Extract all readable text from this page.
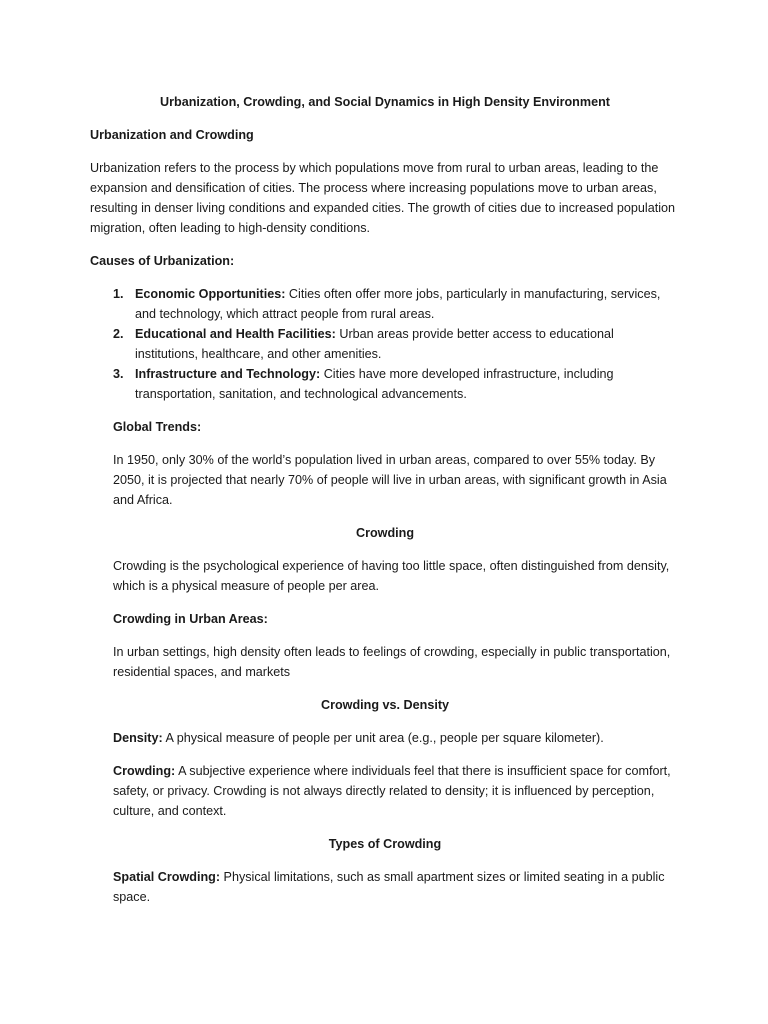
Urbanization, Crowding, and Social Dynamics in High Density Environment

Urbanization and Crowding

Urbanization refers to the process by which populations move from rural to urban areas, leading to the expansion and densification of cities. The process where increasing populations move to urban areas, resulting in denser living conditions and expanded cities. The growth of cities due to increased population migration, often leading to high-density conditions.

Causes of Urbanization:

1. Economic Opportunities: Cities often offer more jobs, particularly in manufacturing, services, and technology, which attract people from rural areas.
2. Educational and Health Facilities: Urban areas provide better access to educational institutions, healthcare, and other amenities.
3. Infrastructure and Technology: Cities have more developed infrastructure, including transportation, sanitation, and technological advancements.

Global Trends:

In 1950, only 30% of the world’s population lived in urban areas, compared to over 55% today. By 2050, it is projected that nearly 70% of people will live in urban areas, with significant growth in Asia and Africa.

Crowding

Crowding is the psychological experience of having too little space, often distinguished from density, which is a physical measure of people per area.

Crowding in Urban Areas:

In urban settings, high density often leads to feelings of crowding, especially in public transportation, residential spaces, and markets

Crowding vs. Density

Density: A physical measure of people per unit area (e.g., people per square kilometer).

Crowding: A subjective experience where individuals feel that there is insufficient space for comfort, safety, or privacy. Crowding is not always directly related to density; it is influenced by perception, culture, and context.

Types of Crowding

Spatial Crowding: Physical limitations, such as small apartment sizes or limited seating in a public space.
